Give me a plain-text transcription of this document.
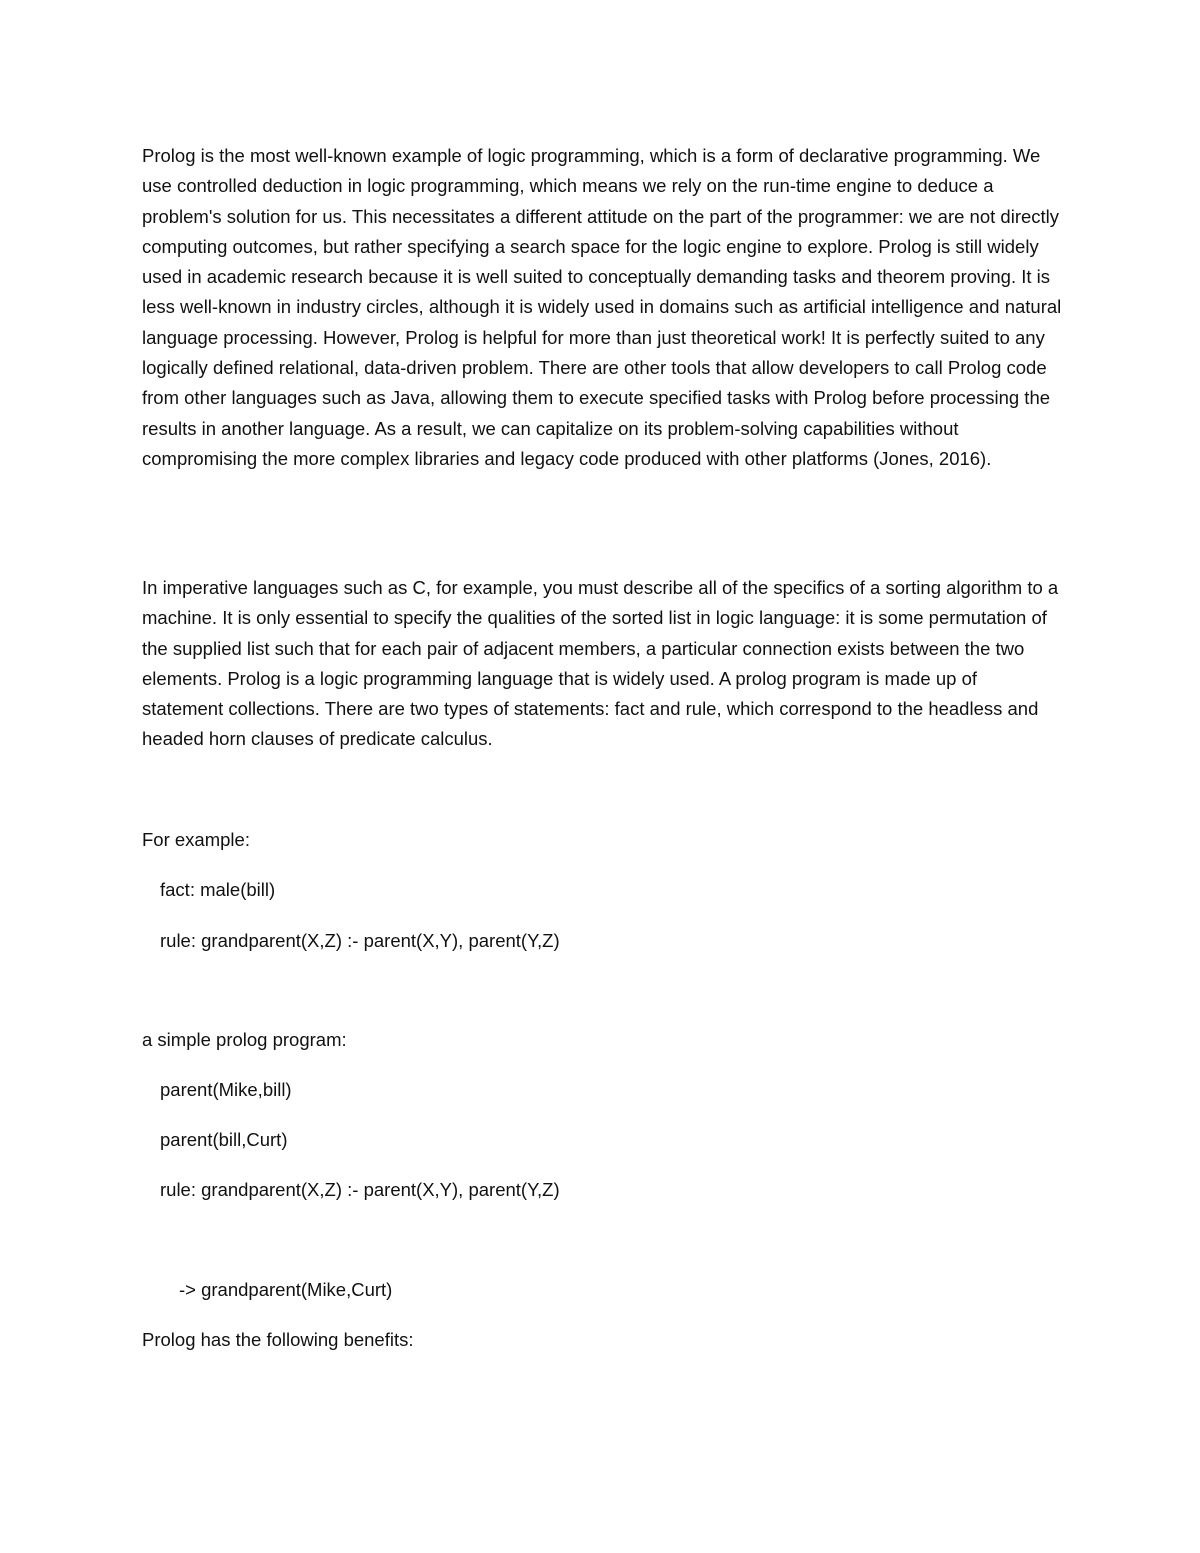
Prolog is the most well-known example of logic programming, which is a form of declarative programming. We use controlled deduction in logic programming, which means we rely on the run-time engine to deduce a problem's solution for us. This necessitates a different attitude on the part of the programmer: we are not directly computing outcomes, but rather specifying a search space for the logic engine to explore. Prolog is still widely used in academic research because it is well suited to conceptually demanding tasks and theorem proving. It is less well-known in industry circles, although it is widely used in domains such as artificial intelligence and natural language processing. However, Prolog is helpful for more than just theoretical work! It is perfectly suited to any logically defined relational, data-driven problem. There are other tools that allow developers to call Prolog code from other languages such as Java, allowing them to execute specified tasks with Prolog before processing the results in another language. As a result, we can capitalize on its problem-solving capabilities without compromising the more complex libraries and legacy code produced with other platforms (Jones, 2016).

In imperative languages such as C, for example, you must describe all of the specifics of a sorting algorithm to a machine. It is only essential to specify the qualities of the sorted list in logic language: it is some permutation of the supplied list such that for each pair of adjacent members, a particular connection exists between the two elements. Prolog is a logic programming language that is widely used. A prolog program is made up of statement collections. There are two types of statements: fact and rule, which correspond to the headless and headed horn clauses of predicate calculus.

For example:
fact: male(bill)
rule: grandparent(X,Z) :- parent(X,Y), parent(Y,Z)
a simple prolog program:
parent(Mike,bill)
parent(bill,Curt)
rule: grandparent(X,Z) :- parent(X,Y), parent(Y,Z)
-> grandparent(Mike,Curt)
Prolog has the following benefits:
